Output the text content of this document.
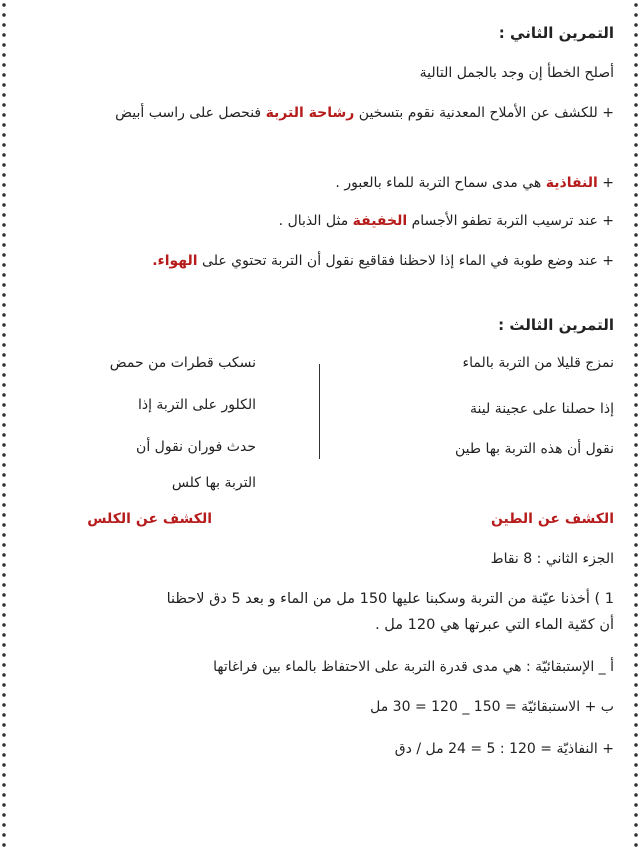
التمرين الثاني :
أصلح الخطأ إن وجد بالجمل التالية
+ للكشف عن الأملاح المعدنية نقوم بتسخين رشاحة التربة فنحصل على راسب أبيض
+ النفاذية هي مدى سماح التربة للماء بالعبور .
+ عند ترسيب التربة تطفو الأجسام الخفيفة مثل الذبال .
+ عند وضع طوبة في الماء إذا لاحظنا فقاقيع نقول أن التربة تحتوي على الهواء.
التمرين الثالث :
نمزج قليلا من التربة بالماء
إذا حصلنا على عجينة لينة
نقول أن هذه التربة بها طين
نسكب قطرات من حمض
الكلور على التربة إذا
حدث فوران نقول أن
التربة بها كلس
الكشف عن الطين
الكشف عن الكلس
الجزء الثاني : 8 نقاط
1 ) أخذنا عيّنة من التربة وسكبنا عليها 150 مل من الماء و بعد 5 دق لاحظنا
أن كمّية الماء التي عبرتها هي 120 مل .
أ _ الإستبقائيّة : هي مدى قدرة التربة على الاحتفاظ بالماء بين فراغاتها
ب + الاستبقائيّة = 150 _ 120 = 30 مل
+ النفاذيّة = 120 : 5 = 24 مل / دق
